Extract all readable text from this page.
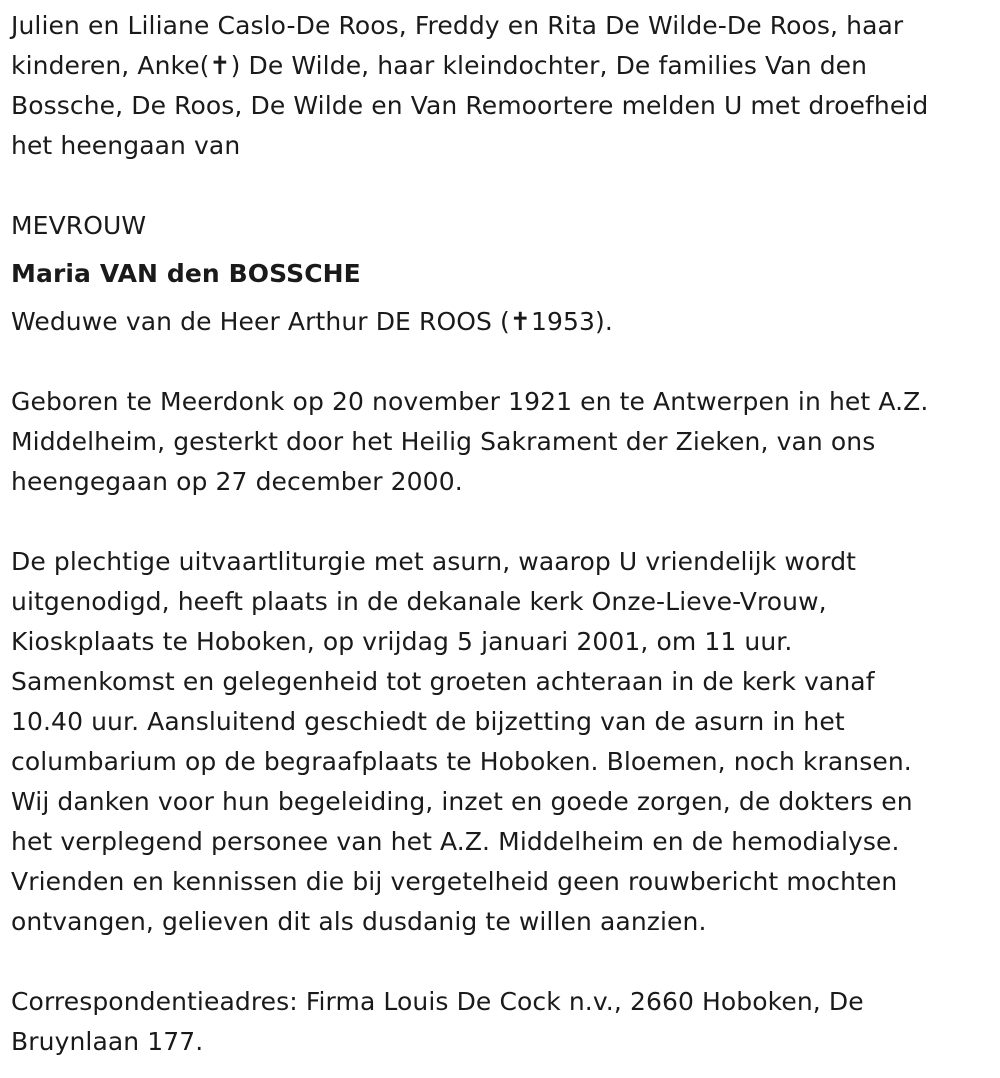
Julien en Liliane Caslo-De Roos, Freddy en Rita De Wilde-De Roos, haar
kinderen, Anke(✝) De Wilde, haar kleindochter, De families Van den
Bossche, De Roos, De Wilde en Van Remoortere melden U met droefheid
het heengaan van
MEVROUW
Maria VAN den BOSSCHE
Weduwe van de Heer Arthur DE ROOS (✝1953).
Geboren te Meerdonk op 20 november 1921 en te Antwerpen in het A.Z.
Middelheim, gesterkt door het Heilig Sakrament der Zieken, van ons
heengegaan op 27 december 2000.
De plechtige uitvaartliturgie met asurn, waarop U vriendelijk wordt
uitgenodigd, heeft plaats in de dekanale kerk Onze-Lieve-Vrouw,
Kioskplaats te Hoboken, op vrijdag 5 januari 2001, om 11 uur.
Samenkomst en gelegenheid tot groeten achteraan in de kerk vanaf
10.40 uur. Aansluitend geschiedt de bijzetting van de asurn in het
columbarium op de begraafplaats te Hoboken. Bloemen, noch kransen.
Wij danken voor hun begeleiding, inzet en goede zorgen, de dokters en
het verplegend personee van het A.Z. Middelheim en de hemodialyse.
Vrienden en kennissen die bij vergetelheid geen rouwbericht mochten
ontvangen, gelieven dit als dusdanig te willen aanzien.
Correspondentieadres: Firma Louis De Cock n.v., 2660 Hoboken, De
Bruynlaan 177.
